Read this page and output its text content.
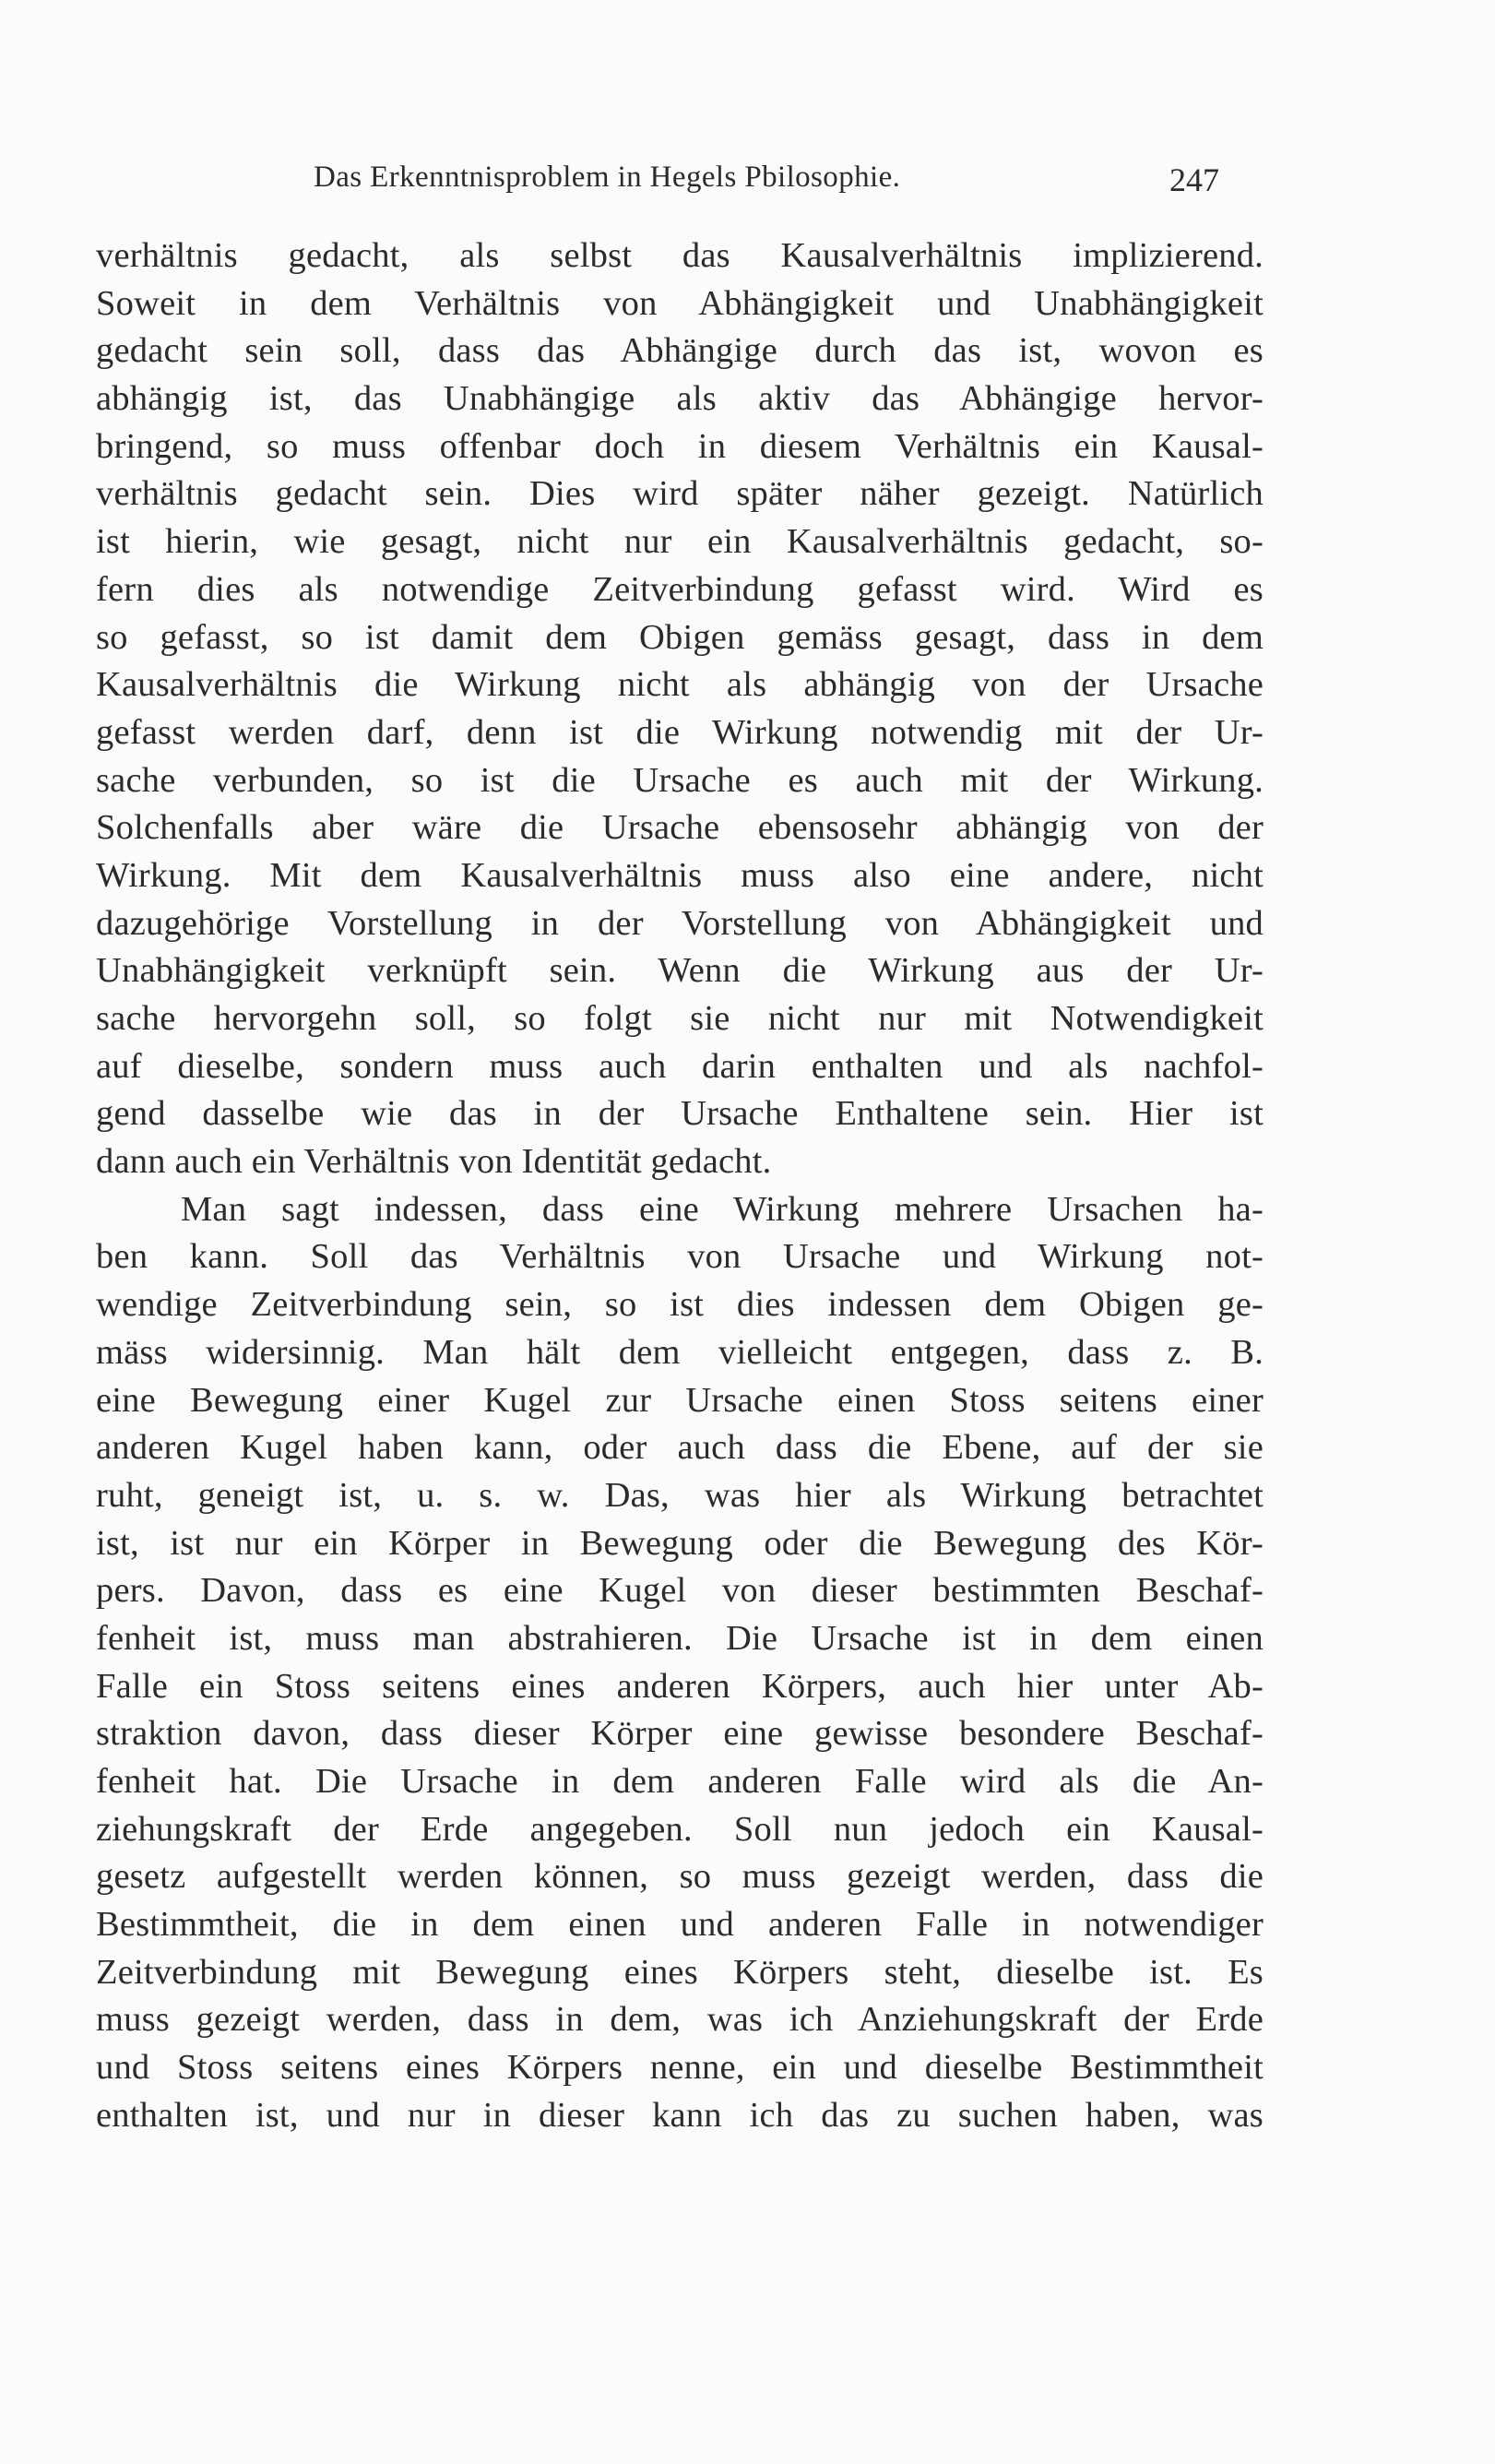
Das Erkenntnisproblem in Hegels Pbilosophie.	247
verhältnis gedacht, als selbst das Kausalverhältnis implizierend.
Soweit in dem Verhältnis von Abhängigkeit und Unabhängigkeit
gedacht sein soll, dass das Abhängige durch das ist, wovon es
abhängig ist, das Unabhängige als aktiv das Abhängige hervor-
bringend, so muss offenbar doch in diesem Verhältnis ein Kausal-
verhältnis gedacht sein. Dies wird später näher gezeigt. Natürlich
ist hierin, wie gesagt, nicht nur ein Kausalverhältnis gedacht, so-
fern dies als notwendige Zeitverbindung gefasst wird. Wird es
so gefasst, so ist damit dem Obigen gemäss gesagt, dass in dem
Kausalverhältnis die Wirkung nicht als abhängig von der Ursache
gefasst werden darf, denn ist die Wirkung notwendig mit der Ur-
sache verbunden, so ist die Ursache es auch mit der Wirkung.
Solchenfalls aber wäre die Ursache ebensosehr abhängig von der
Wirkung. Mit dem Kausalverhältnis muss also eine andere, nicht
dazugehörige Vorstellung in der Vorstellung von Abhängigkeit und
Unabhängigkeit verknüpft sein. Wenn die Wirkung aus der Ur-
sache hervorgehn soll, so folgt sie nicht nur mit Notwendigkeit
auf dieselbe, sondern muss auch darin enthalten und als nachfol-
gend dasselbe wie das in der Ursache Enthaltene sein. Hier ist
dann auch ein Verhältnis von Identität gedacht.
Man sagt indessen, dass eine Wirkung mehrere Ursachen ha-
ben kann. Soll das Verhältnis von Ursache und Wirkung not-
wendige Zeitverbindung sein, so ist dies indessen dem Obigen ge-
mäss widersinnig. Man hält dem vielleicht entgegen, dass z. B.
eine Bewegung einer Kugel zur Ursache einen Stoss seitens einer
anderen Kugel haben kann, oder auch dass die Ebene, auf der sie
ruht, geneigt ist, u. s. w. Das, was hier als Wirkung betrachtet
ist, ist nur ein Körper in Bewegung oder die Bewegung des Kör-
pers. Davon, dass es eine Kugel von dieser bestimmten Beschaf-
fenheit ist, muss man abstrahieren. Die Ursache ist in dem einen
Falle ein Stoss seitens eines anderen Körpers, auch hier unter Ab-
straktion davon, dass dieser Körper eine gewisse besondere Beschaf-
fenheit hat. Die Ursache in dem anderen Falle wird als die An-
ziehungskraft der Erde angegeben. Soll nun jedoch ein Kausal-
gesetz aufgestellt werden können, so muss gezeigt werden, dass die
Bestimmtheit, die in dem einen und anderen Falle in notwendiger
Zeitverbindung mit Bewegung eines Körpers steht, dieselbe ist. Es
muss gezeigt werden, dass in dem, was ich Anziehungskraft der Erde
und Stoss seitens eines Körpers nenne, ein und dieselbe Bestimmtheit
enthalten ist, und nur in dieser kann ich das zu suchen haben, was
